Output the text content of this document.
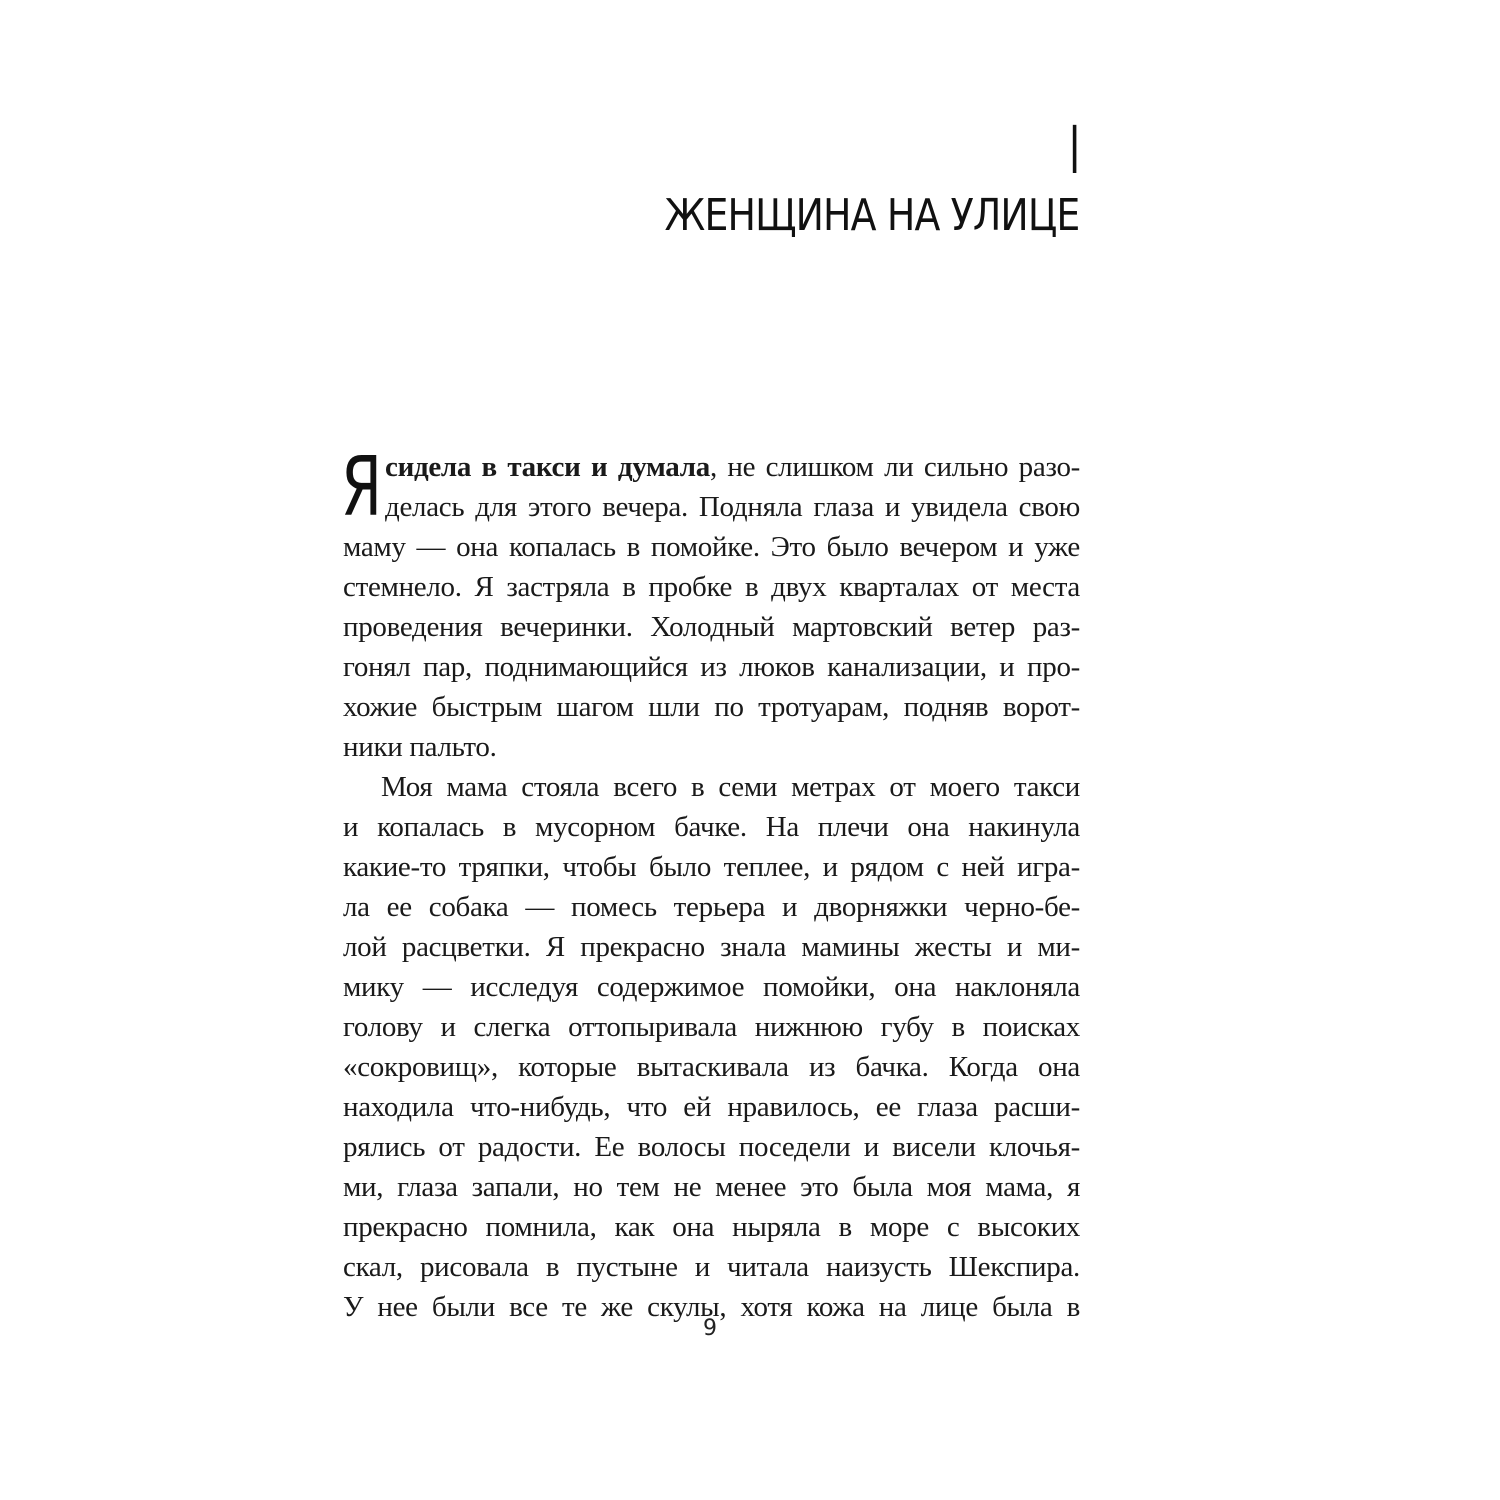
I
ЖЕНЩИНА НА УЛИЦЕ
Я сидела в такси и думала, не слишком ли сильно разо-
делась для этого вечера. Подняла глаза и увидела свою
маму — она копалась в помойке. Это было вечером и уже
стемнело. Я застряла в пробке в двух кварталах от места
проведения вечеринки. Холодный мартовский ветер раз-
гонял пар, поднимающийся из люков канализации, и про-
хожие быстрым шагом шли по тротуарам, подняв ворот-
ники пальто.
Моя мама стояла всего в семи метрах от моего такси
и копалась в мусорном бачке. На плечи она накинула
какие-то тряпки, чтобы было теплее, и рядом с ней игра-
ла ее собака — помесь терьера и дворняжки черно-бе-
лой расцветки. Я прекрасно знала мамины жесты и ми-
мику — исследуя содержимое помойки, она наклоняла
голову и слегка оттопыривала нижнюю губу в поисках
«сокровищ», которые вытаскивала из бачка. Когда она
находила что-нибудь, что ей нравилось, ее глаза расши-
рялись от радости. Ее волосы поседели и висели клочья-
ми, глаза запали, но тем не менее это была моя мама, я
прекрасно помнила, как она ныряла в море с высоких
скал, рисовала в пустыне и читала наизусть Шекспира.
У нее были все те же скулы, хотя кожа на лице была в
9
